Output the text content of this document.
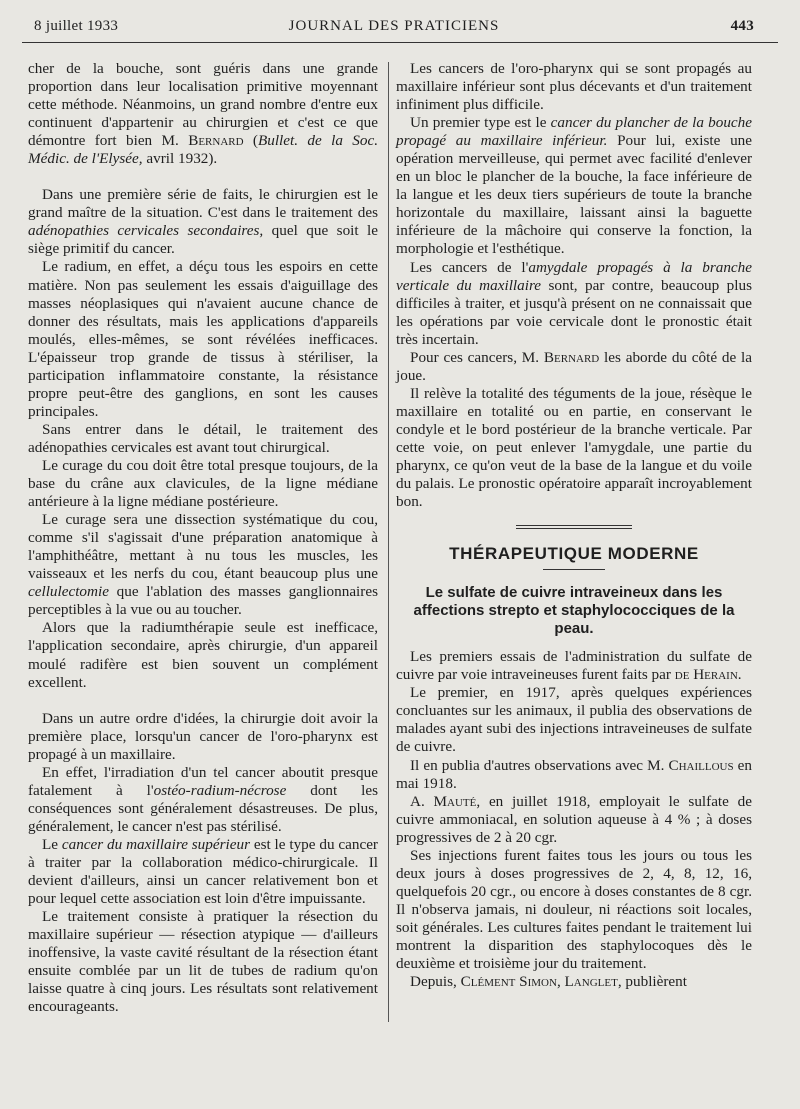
8 juillet 1933	JOURNAL DES PRATICIENS	443

cher de la bouche, sont guéris dans une grande proportion dans leur localisation primitive moyennant cette méthode. Néanmoins, un grand nombre d'entre eux continuent d'appartenir au chirurgien et c'est ce que démontre fort bien M. Bernard (Bullet. de la Soc. Médic. de l'Elysée, avril 1932).

Dans une première série de faits, le chirurgien est le grand maître de la situation. C'est dans le traitement des adénopathies cervicales secondaires, quel que soit le siège primitif du cancer.

Le radium, en effet, a déçu tous les espoirs en cette matière. Non pas seulement les essais d'aiguillage des masses néoplasiques qui n'avaient aucune chance de donner des résultats, mais les applications d'appareils moulés, elles-mêmes, se sont révélées inefficaces. L'épaisseur trop grande de tissus à stériliser, la participation inflammatoire constante, la résistance propre peut-être des ganglions, en sont les causes principales.

Sans entrer dans le détail, le traitement des adénopathies cervicales est avant tout chirurgical.

Le curage du cou doit être total presque toujours, de la base du crâne aux clavicules, de la ligne médiane antérieure à la ligne médiane postérieure.

Le curage sera une dissection systématique du cou, comme s'il s'agissait d'une préparation anatomique à l'amphithéâtre, mettant à nu tous les muscles, les vaisseaux et les nerfs du cou, étant beaucoup plus une cellulectomie que l'ablation des masses ganglionnaires perceptibles à la vue ou au toucher.

Alors que la radiumthérapie seule est inefficace, l'application secondaire, après chirurgie, d'un appareil moulé radifère est bien souvent un complément excellent.

Dans un autre ordre d'idées, la chirurgie doit avoir la première place, lorsqu'un cancer de l'oro-pharynx est propagé à un maxillaire.

En effet, l'irradiation d'un tel cancer aboutit presque fatalement à l'ostéo-radium-nécrose dont les conséquences sont généralement désastreuses. De plus, généralement, le cancer n'est pas stérilisé.

Le cancer du maxillaire supérieur est le type du cancer à traiter par la collaboration médico-chirurgicale. Il devient d'ailleurs, ainsi un cancer relativement bon et pour lequel cette association est loin d'être impuissante.

Le traitement consiste à pratiquer la résection du maxillaire supérieur — résection atypique — d'ailleurs inoffensive, la vaste cavité résultant de la résection étant ensuite comblée par un lit de tubes de radium qu'on laisse quatre à cinq jours. Les résultats sont relativement encourageants.

Les cancers de l'oro-pharynx qui se sont propagés au maxillaire inférieur sont plus décevants et d'un traitement infiniment plus difficile.

Un premier type est le cancer du plancher de la bouche propagé au maxillaire inférieur. Pour lui, existe une opération merveilleuse, qui permet avec facilité d'enlever en un bloc le plancher de la bouche, la face inférieure de la langue et les deux tiers supérieurs de toute la branche horizontale du maxillaire, laissant ainsi la baguette inférieure de la mâchoire qui conserve la fonction, la morphologie et l'esthétique.

Les cancers de l'amygdale propagés à la branche verticale du maxillaire sont, par contre, beaucoup plus difficiles à traiter, et jusqu'à présent on ne connaissait que les opérations par voie cervicale dont le pronostic était très incertain.

Pour ces cancers, M. Bernard les aborde du côté de la joue.

Il relève la totalité des téguments de la joue, résèque le maxillaire en totalité ou en partie, en conservant le condyle et le bord postérieur de la branche verticale. Par cette voie, on peut enlever l'amygdale, une partie du pharynx, ce qu'on veut de la base de la langue et du voile du palais. Le pronostic opératoire apparaît incroyablement bon.

THÉRAPEUTIQUE MODERNE
Le sulfate de cuivre intraveineux dans les affections strepto et staphylococciques de la peau.

Les premiers essais de l'administration du sulfate de cuivre par voie intraveineuses furent faits par de Herain.

Le premier, en 1917, après quelques expériences concluantes sur les animaux, il publia des observations de malades ayant subi des injections intraveineuses de sulfate de cuivre.

Il en publia d'autres observations avec M. Chaillous en mai 1918.

A. Mauté, en juillet 1918, employait le sulfate de cuivre ammoniacal, en solution aqueuse à 4 % ; à doses progressives de 2 à 20 cgr.

Ses injections furent faites tous les jours ou tous les deux jours à doses progressives de 2, 4, 8, 12, 16, quelquefois 20 cgr., ou encore à doses constantes de 8 cgr. Il n'observa jamais, ni douleur, ni réactions soit locales, soit générales. Les cultures faites pendant le traitement lui montrent la disparition des staphylocoques dès le deuxième et troisième jour du traitement.

Depuis, Clément Simon, Langlet, publièrent
